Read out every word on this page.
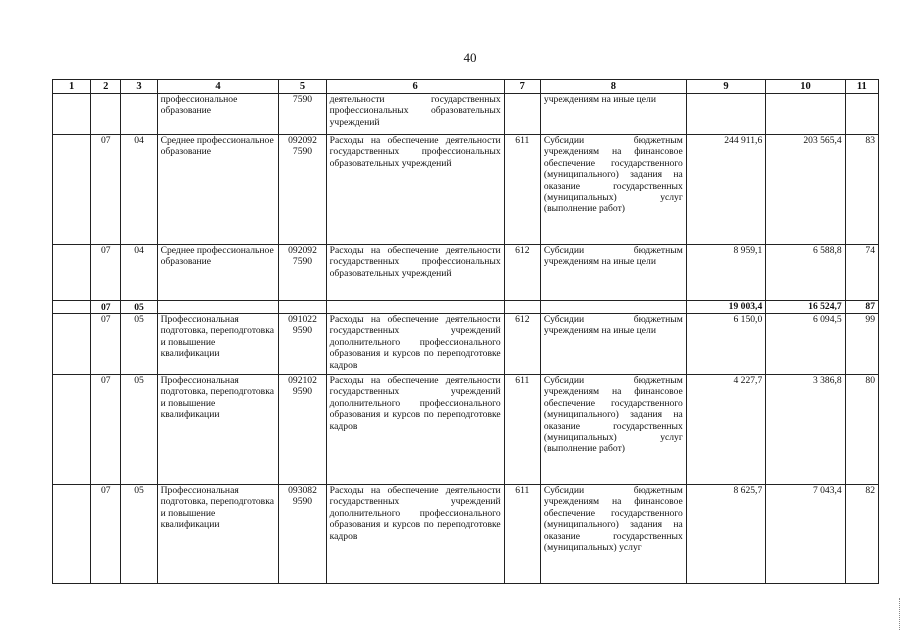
40
1	2	3	4	5	6	7	8	9	10	11
			профессиональное образование	7590	деятельности государственных профессиональных образовательных учреждений		учреждениям на иные цели			
	07	04	Среднее профессиональное образование	092092 7590	Расходы на обеспечение деятельности государственных профессиональных образовательных учреждений	611	Субсидии бюджетным учреждениям на финансовое обеспечение государственного (муниципального) задания на оказание государственных (муниципальных) услуг (выполнение работ)	244 911,6	203 565,4	83
	07	04	Среднее профессиональное образование	092092 7590	Расходы на обеспечение деятельности государственных профессиональных образовательных учреждений	612	Субсидии бюджетным учреждениям на иные цели	8 959,1	6 588,8	74
	07	05						19 003,4	16 524,7	87
	07	05	Профессиональная подготовка, переподготовка и повышение квалификации	091022 9590	Расходы на обеспечение деятельности государственных учреждений дополнительного профессионального образования и курсов по переподготовке кадров	612	Субсидии бюджетным учреждениям на иные цели	6 150,0	6 094,5	99
	07	05	Профессиональная подготовка, переподготовка и повышение квалификации	092102 9590	Расходы на обеспечение деятельности государственных учреждений дополнительного профессионального образования и курсов по переподготовке кадров	611	Субсидии бюджетным учреждениям на финансовое обеспечение государственного (муниципального) задания на оказание государственных (муниципальных) услуг (выполнение работ)	4 227,7	3 386,8	80
	07	05	Профессиональная подготовка, переподготовка и повышение квалификации	093082 9590	Расходы на обеспечение деятельности государственных учреждений дополнительного профессионального образования и курсов по переподготовке кадров	611	Субсидии бюджетным учреждениям на финансовое обеспечение государственного (муниципального) задания на оказание государственных (муниципальных) услуг	8 625,7	7 043,4	82
